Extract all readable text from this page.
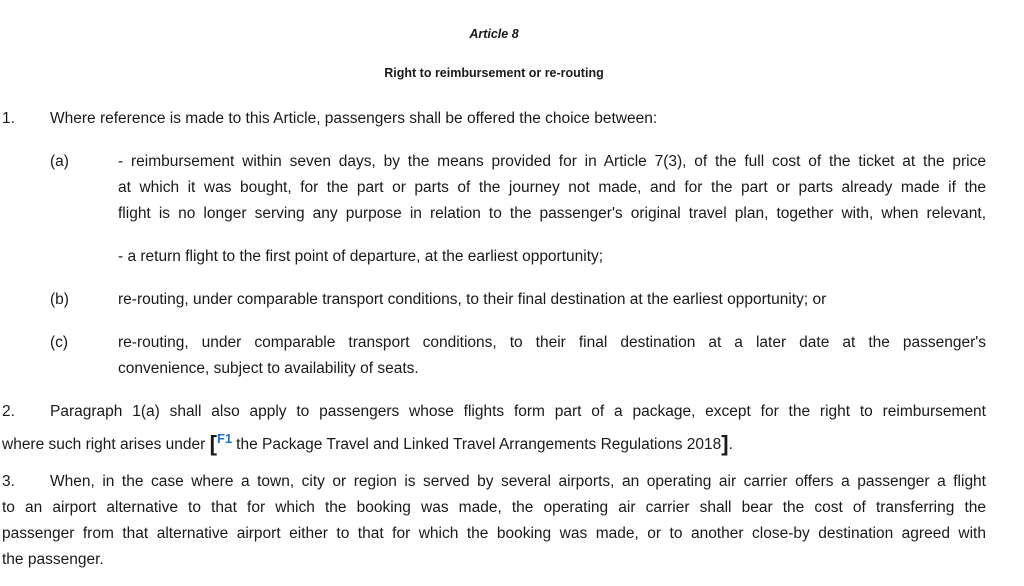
Article 8
Right to reimbursement or re-routing
1. Where reference is made to this Article, passengers shall be offered the choice between:
(a)	- reimbursement within seven days, by the means provided for in Article 7(3), of the full cost of the ticket at the price
at which it was bought, for the part or parts of the journey not made, and for the part or parts already made if the
flight is no longer serving any purpose in relation to the passenger's original travel plan, together with, when relevant,
- a return flight to the first point of departure, at the earliest opportunity;
(b)	re-routing, under comparable transport conditions, to their final destination at the earliest opportunity; or
(c)	re-routing, under comparable transport conditions, to their final destination at a later date at the passenger's
convenience, subject to availability of seats.
2. Paragraph 1(a) shall also apply to passengers whose flights form part of a package, except for the right to reimbursement
where such right arises under [$^{F1}$ the Package Travel and Linked Travel Arrangements Regulations 2018].
3. When, in the case where a town, city or region is served by several airports, an operating air carrier offers a passenger a flight
to an airport alternative to that for which the booking was made, the operating air carrier shall bear the cost of transferring the
passenger from that alternative airport either to that for which the booking was made, or to another close-by destination agreed with
the passenger.
